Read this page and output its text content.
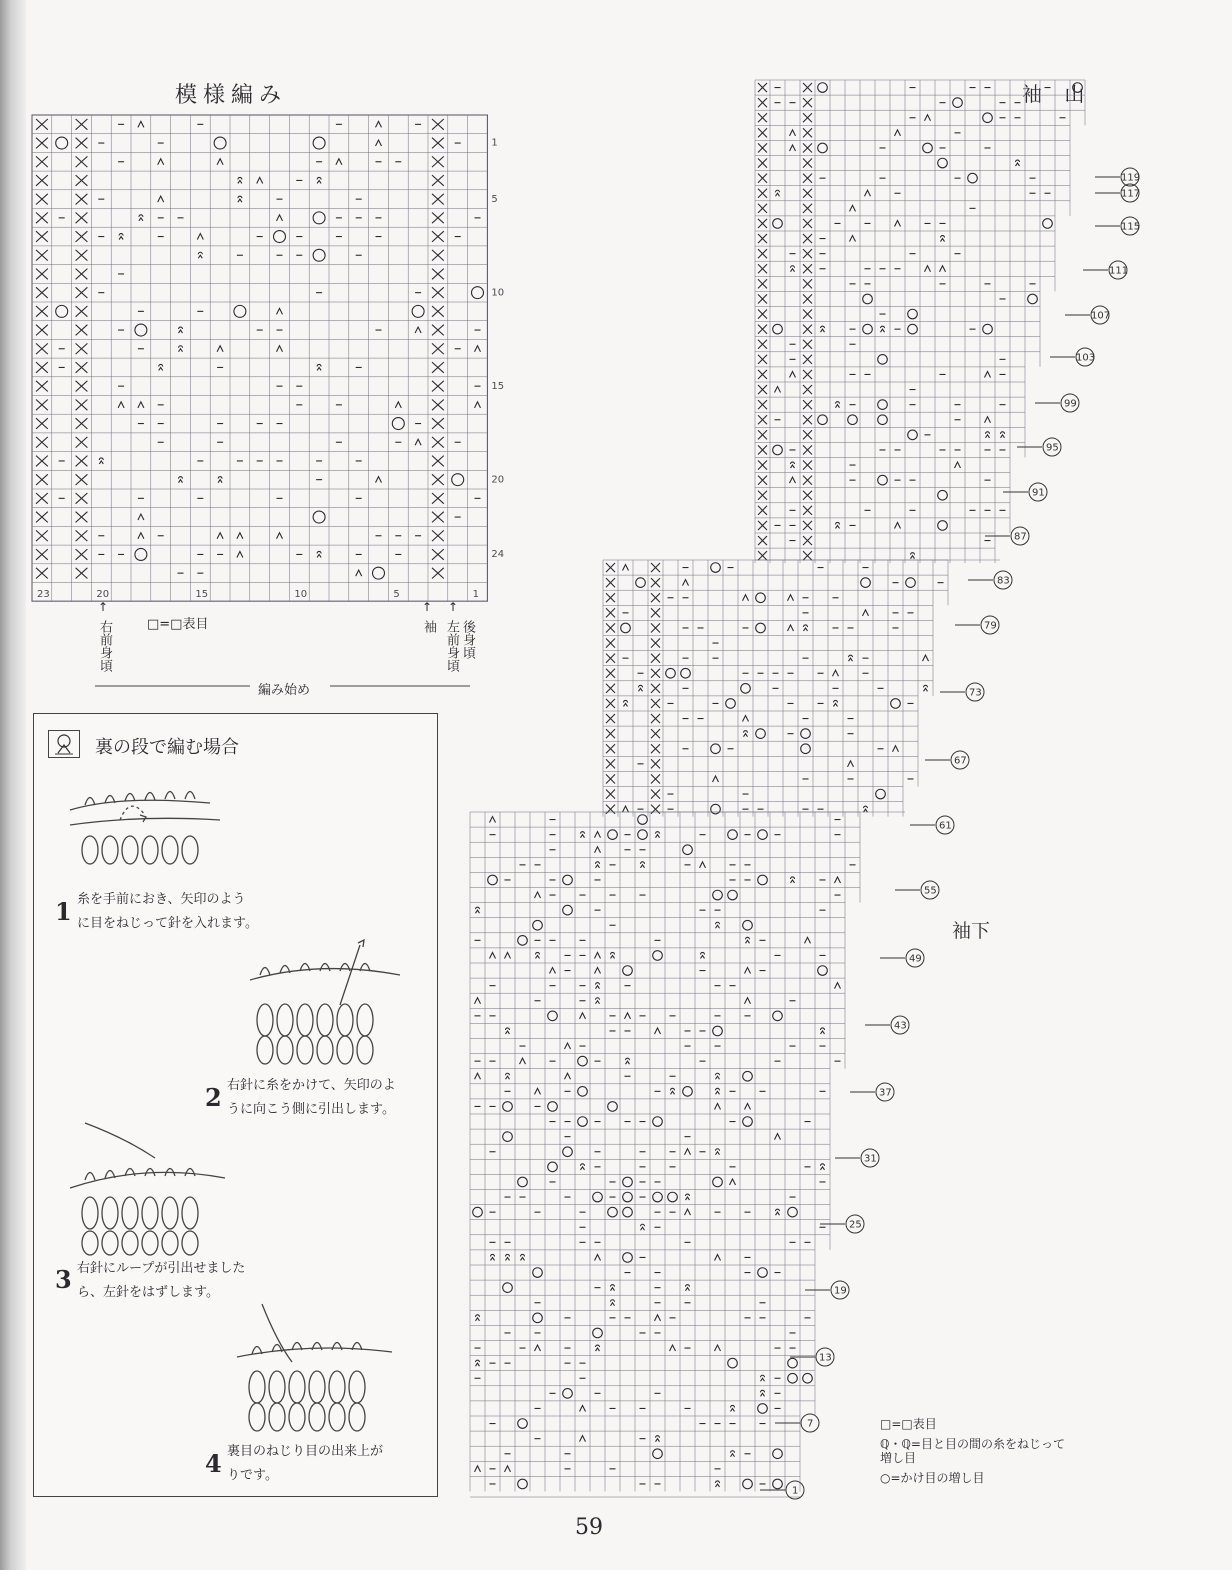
模様編み	袖 山
袖下
23	20	15	10	5	1
24
20
15
10
5
1
119
117
115
111
107
103
99
95
91
87
83
79
73
67
61
55
49
43
37
31
25
19
13
7
1
□=□表目
↑
右前身頃
↑
袖
↑
左前身頃 後身頃
編み始め
裏の段で編む場合
1 糸を手前におき、矢印のよう
に目をねじって針を入れます。
2 右針に糸をかけて、矢印のよ
うに向こう側に引出します。
3 右針にループが引出せました
ら、左針をはずします。
4 裏目のねじり目の出来上が
りです。
□=□表目
ℚ・ℚ=目と目の間の糸をねじって増し目
○=かけ目の増し目
59
